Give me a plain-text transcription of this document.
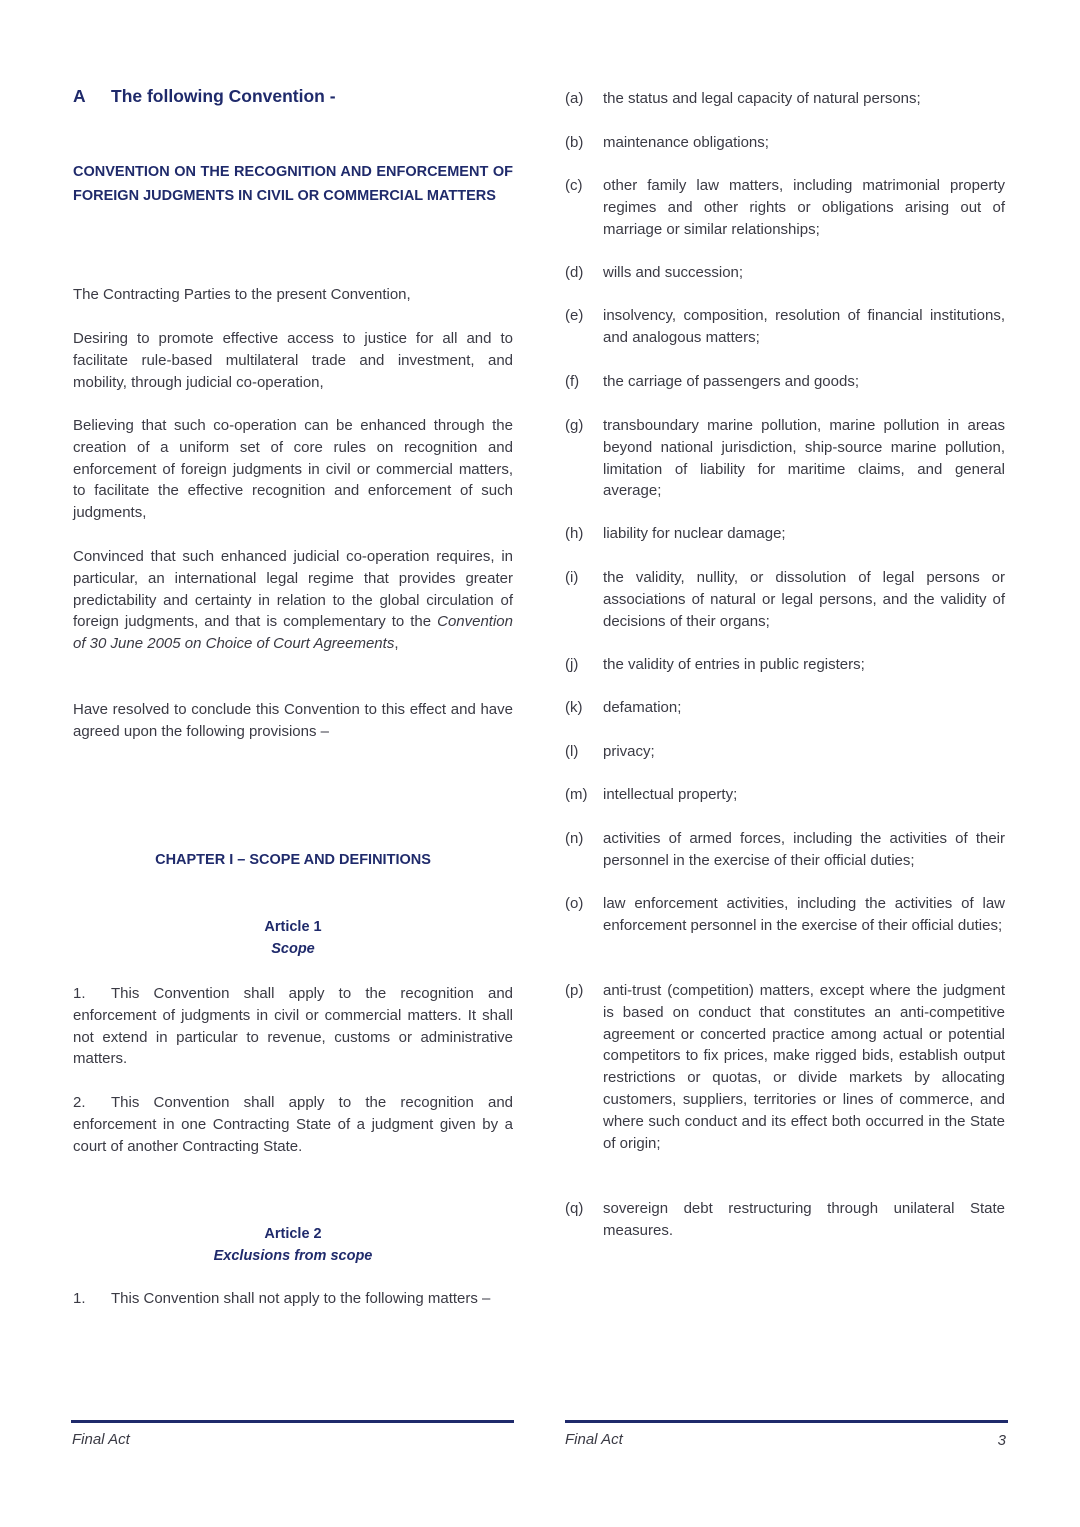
A The following Convention -
CONVENTION ON THE RECOGNITION AND ENFORCEMENT OF FOREIGN JUDGMENTS IN CIVIL OR COMMERCIAL MATTERS

The Contracting Parties to the present Convention,

Desiring to promote effective access to justice for all and to facilitate rule-based multilateral trade and investment, and mobility, through judicial co-operation,

Believing that such co-operation can be enhanced through the creation of a uniform set of core rules on recognition and enforcement of foreign judgments in civil or commercial matters, to facilitate the effective recognition and enforcement of such judgments,

Convinced that such enhanced judicial co-operation requires, in particular, an international legal regime that provides greater predictability and certainty in relation to the global circulation of foreign judgments, and that is complementary to the Convention of 30 June 2005 on Choice of Court Agreements,

Have resolved to conclude this Convention to this effect and have agreed upon the following provisions –

CHAPTER I – SCOPE AND DEFINITIONS

Article 1

Scope

1. This Convention shall apply to the recognition and enforcement of judgments in civil or commercial matters. It shall not extend in particular to revenue, customs or administrative matters.

2. This Convention shall apply to the recognition and enforcement in one Contracting State of a judgment given by a court of another Contracting State.

Article 2

Exclusions from scope

1. This Convention shall not apply to the following matters –

(a) the status and legal capacity of natural persons;
(b) maintenance obligations;
(c) other family law matters, including matrimonial property regimes and other rights or obligations arising out of marriage or similar relationships;
(d) wills and succession;
(e) insolvency, composition, resolution of financial institutions, and analogous matters;
(f) the carriage of passengers and goods;
(g) transboundary marine pollution, marine pollution in areas beyond national jurisdiction, ship-source marine pollution, limitation of liability for maritime claims, and general average;
(h) liability for nuclear damage;
(i) the validity, nullity, or dissolution of legal persons or associations of natural or legal persons, and the validity of decisions of their organs;
(j) the validity of entries in public registers;
(k) defamation;
(l) privacy;
(m) intellectual property;
(n) activities of armed forces, including the activities of their personnel in the exercise of their official duties;
(o) law enforcement activities, including the activities of law enforcement personnel in the exercise of their official duties;
(p) anti-trust (competition) matters, except where the judgment is based on conduct that constitutes an anti-competitive agreement or concerted practice among actual or potential competitors to fix prices, make rigged bids, establish output restrictions or quotas, or divide markets by allocating customers, suppliers, territories or lines of commerce, and where such conduct and its effect both occurred in the State of origin;
(q) sovereign debt restructuring through unilateral State measures.
Final Act	Final Act	3
